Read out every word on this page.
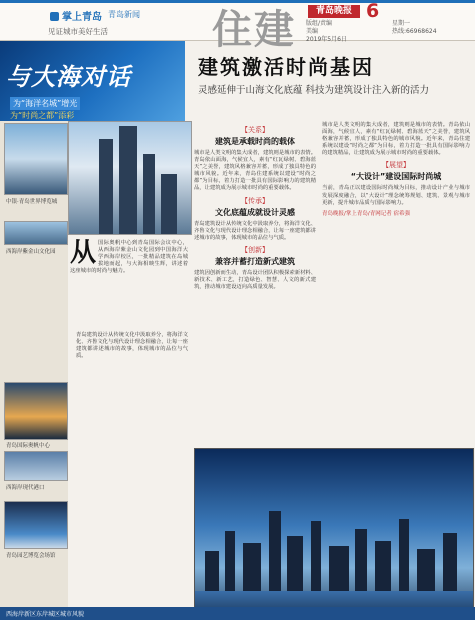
掌上青岛 青岛新闻
见证城市美好生活	住建	青岛晚报 6
版组/责编
美编
2019年5月6日
星期一
热线:66968624
与大海对话
为“海洋名城”增光
为“时尚之都”添彩
建筑激活时尚基因
灵感延伸于山海文化底蕴 科技为建筑设计注入新的活力
中银·青岛世界博览城
西海岸紫金山文化园
青岛国际奥帆中心
西海岸现代港口
青岛园艺博览会场馆
从国际奥帆中心到青岛国际会议中心，从西海岸紫金山文化园到中国海洋大学西海岸校区，一批精品建筑在岛城拔地而起，与大海相映生辉，讲述着这座城市的时尚与魅力。
青岛建筑设计从传统文化中汲取养分，将海洋文化、齐鲁文化与现代设计理念相融合，让每一座建筑都讲述城市的故事，体现城市的品位与气质。
【关系】
建筑是承载时尚的载体
城市是人类文明的集大成者，建筑则是城市的表情。青岛依山面海，气候宜人，素有“红瓦绿树、碧海蓝天”之美誉，建筑风格兼容并蓄，形成了独具特色的城市风貌。近年来，青岛住建系统以建设“时尚之都”为目标，着力打造一批具有国际影响力的建筑精品，让建筑成为展示城市时尚的重要载体。
【传承】
文化底蕴成就设计灵感
青岛建筑设计从传统文化中汲取养分，将海洋文化、齐鲁文化与现代设计理念相融合，让每一座建筑都讲述城市的故事，体现城市的品位与气质。
【创新】
兼容并蓄打造新式建筑
建筑因创新而生动，青岛设计团队积极探索新材料、新技术、新工艺，打造绿色、智慧、人文的新式建筑，推动城市建设迈向高质量发展。
城市是人类文明的集大成者，建筑则是城市的表情。青岛依山面海，气候宜人，素有“红瓦绿树、碧海蓝天”之美誉，建筑风格兼容并蓄，形成了独具特色的城市风貌。近年来，青岛住建系统以建设“时尚之都”为目标，着力打造一批具有国际影响力的建筑精品，让建筑成为展示城市时尚的重要载体。
【展望】
“大设计”建设国际时尚城
当前，青岛正以建设国际时尚城为目标，推动设计产业与城市发展深度融合，以“大设计”理念统筹规划、建筑、景观与城市更新，提升城市品质与国际影响力。
青岛晚报/掌上青岛/青网记者 宿希强
西海岸新区东岸城区城市风貌
